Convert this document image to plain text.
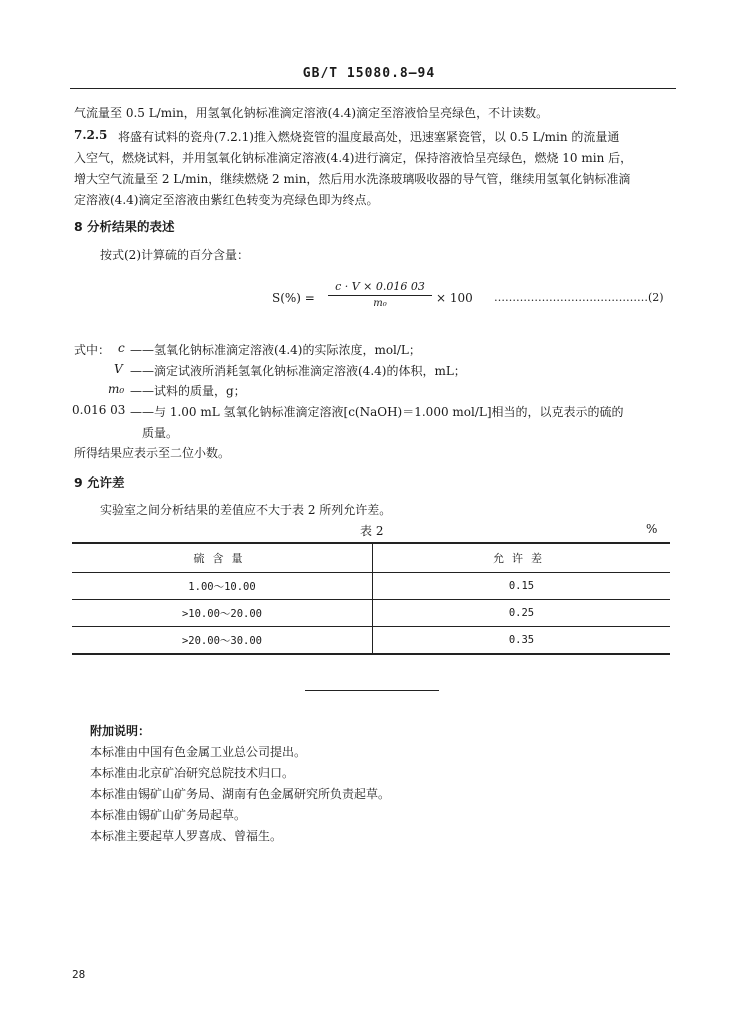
GB/T 15080.8—94
气流量至 0.5 L/min，用氢氧化钠标准滴定溶液(4.4)滴定至溶液恰呈亮绿色，不计读数。
7.2.5 将盛有试料的瓷舟(7.2.1)推入燃烧瓷管的温度最高处，迅速塞紧瓷管，以 0.5 L/min 的流量通
入空气，燃烧试料，并用氢氧化钠标准滴定溶液(4.4)进行滴定，保持溶液恰呈亮绿色，燃烧 10 min 后，
增大空气流量至 2 L/min，继续燃烧 2 min，然后用水洗涤玻璃吸收器的导气管，继续用氢氧化钠标准滴
定溶液(4.4)滴定至溶液由紫红色转变为亮绿色即为终点。
8 分析结果的表述
按式(2)计算硫的百分含量：
S(%) =
c · V × 0.016 03
m₀	× 100 ……………………………………(2)
式中： c ——氢氧化钠标准滴定溶液(4.4)的实际浓度，mol/L；
V ——滴定试液所消耗氢氧化钠标准滴定溶液(4.4)的体积，mL；
m₀ ——试料的质量，g；
0.016 03 ——与 1.00 mL 氢氧化钠标准滴定溶液[c(NaOH)＝1.000 mol/L]相当的，以克表示的硫的
质量。
所得结果应表示至二位小数。
9 允许差
实验室之间分析结果的差值应不大于表 2 所列允许差。
表 2	%
硫含量	允许差
1.00～10.00	0.15
>10.00～20.00	0.25
>20.00～30.00	0.35
附加说明：
本标准由中国有色金属工业总公司提出。
本标准由北京矿冶研究总院技术归口。
本标准由锡矿山矿务局、湖南有色金属研究所负责起草。
本标准由锡矿山矿务局起草。
本标准主要起草人罗喜成、曾福生。
28
